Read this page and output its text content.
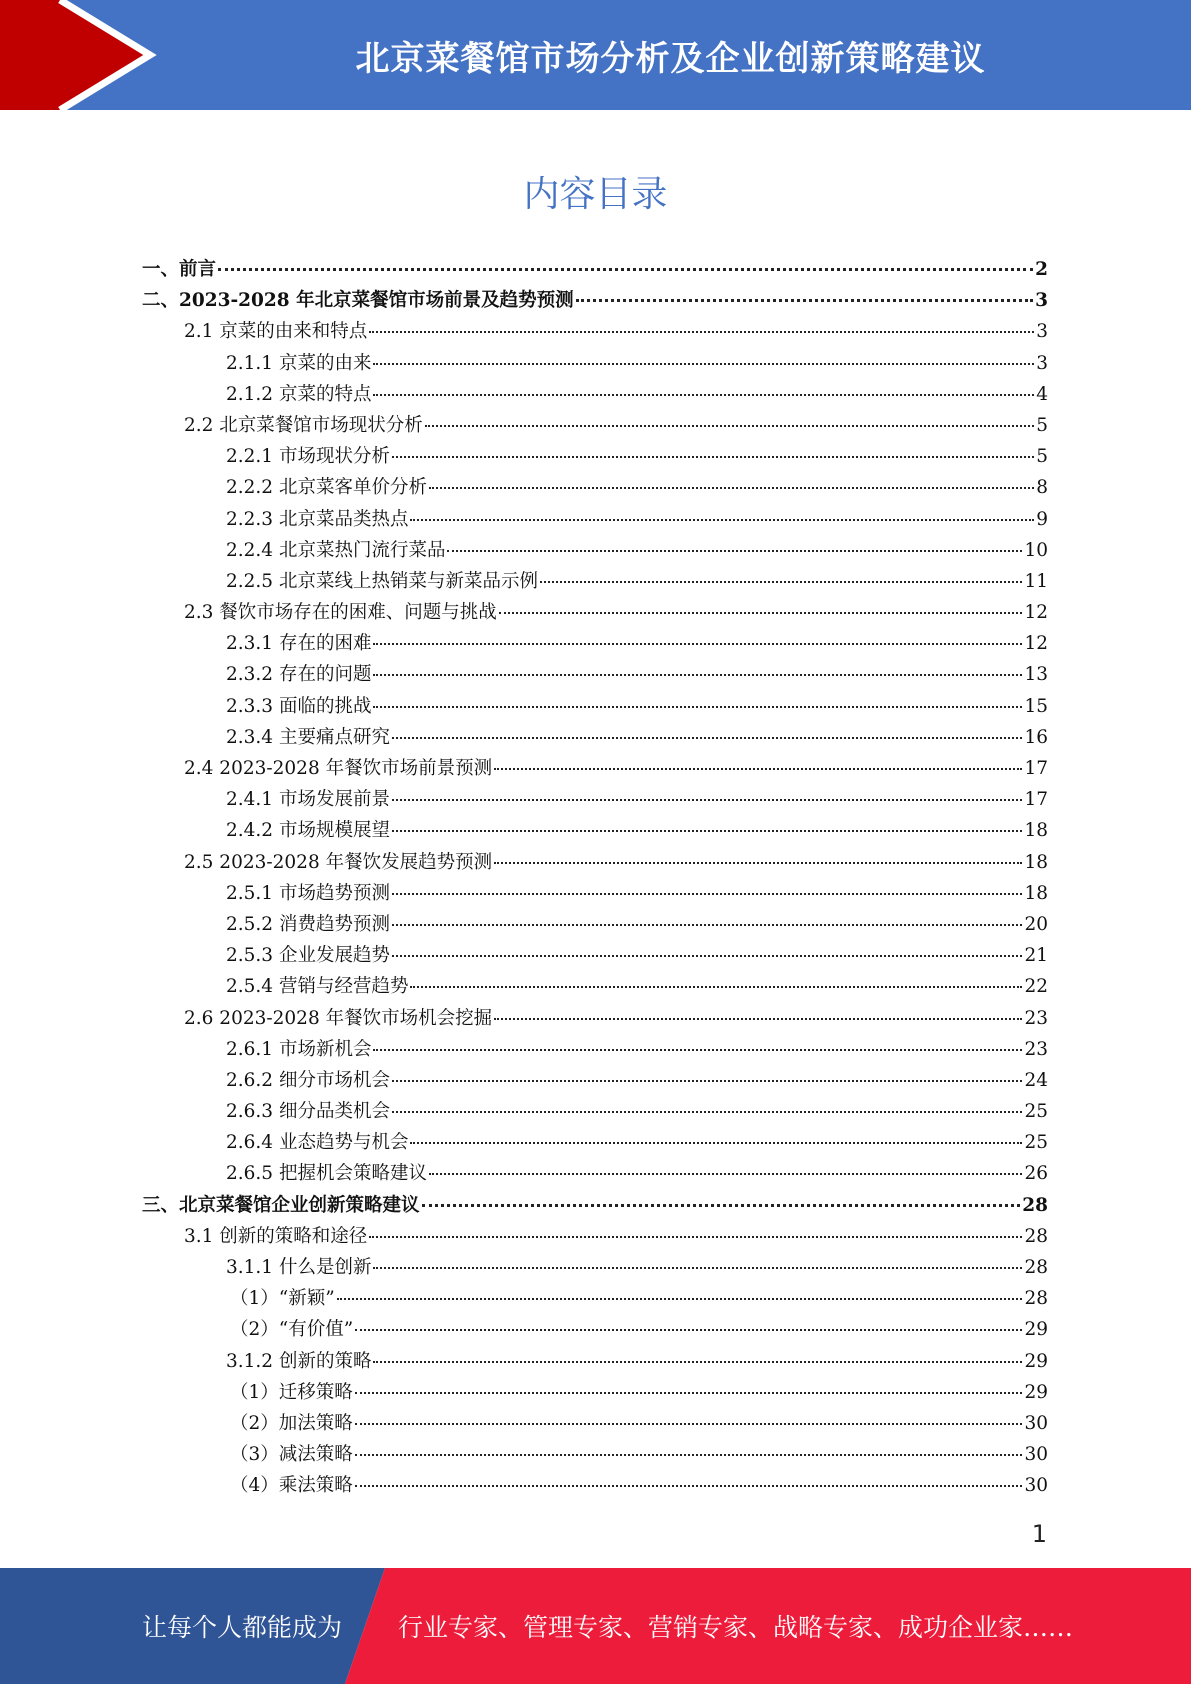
北京菜餐馆市场分析及企业创新策略建议
内容目录
一、前言	2
二、2023-2028 年北京菜餐馆市场前景及趋势预测	3
2.1 京菜的由来和特点	3
2.1.1 京菜的由来	3
2.1.2 京菜的特点	4
2.2 北京菜餐馆市场现状分析	5
2.2.1 市场现状分析	5
2.2.2 北京菜客单价分析	8
2.2.3 北京菜品类热点	9
2.2.4 北京菜热门流行菜品	10
2.2.5 北京菜线上热销菜与新菜品示例	11
2.3 餐饮市场存在的困难、问题与挑战	12
2.3.1 存在的困难	12
2.3.2 存在的问题	13
2.3.3 面临的挑战	15
2.3.4 主要痛点研究	16
2.4 2023-2028 年餐饮市场前景预测	17
2.4.1 市场发展前景	17
2.4.2 市场规模展望	18
2.5 2023-2028 年餐饮发展趋势预测	18
2.5.1 市场趋势预测	18
2.5.2 消费趋势预测	20
2.5.3 企业发展趋势	21
2.5.4 营销与经营趋势	22
2.6 2023-2028 年餐饮市场机会挖掘	23
2.6.1 市场新机会	23
2.6.2 细分市场机会	24
2.6.3 细分品类机会	25
2.6.4 业态趋势与机会	25
2.6.5 把握机会策略建议	26
三、北京菜餐馆企业创新策略建议	28
3.1 创新的策略和途径	28
3.1.1 什么是创新	28
（1）“新颖”	28
（2）“有价值”	29
3.1.2 创新的策略	29
（1）迁移策略	29
（2）加法策略	30
（3）减法策略	30
（4）乘法策略	30
1
让每个人都能成为 行业专家、管理专家、营销专家、战略专家、成功企业家……
